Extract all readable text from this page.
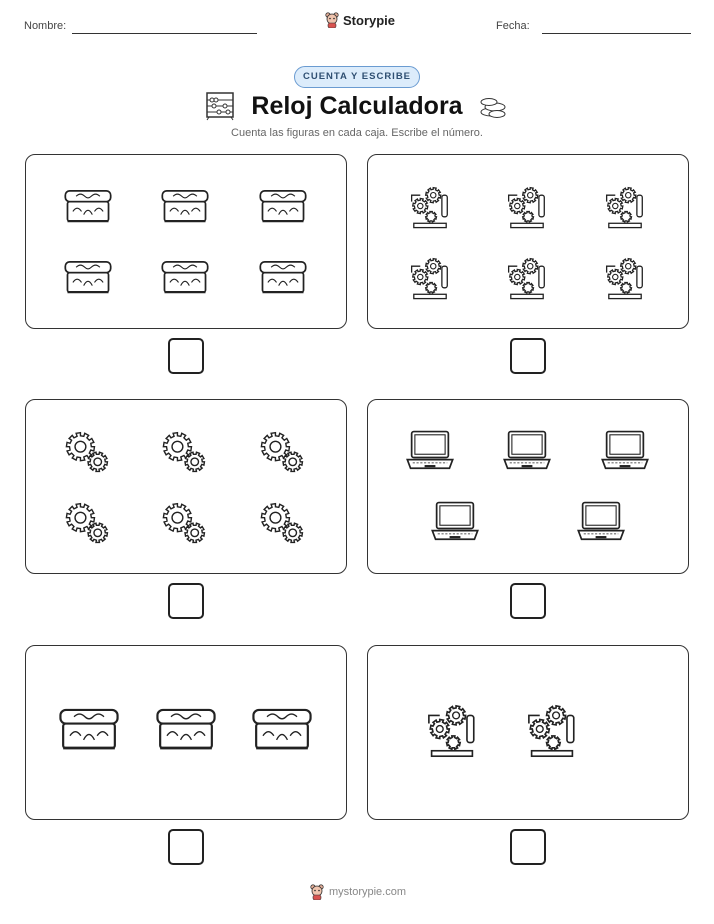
Nombre:	Storypie	Fecha:
CUENTA Y ESCRIBE
Reloj Calculadora
Cuenta las figuras en cada caja. Escribe el número.
mystorypie.com
